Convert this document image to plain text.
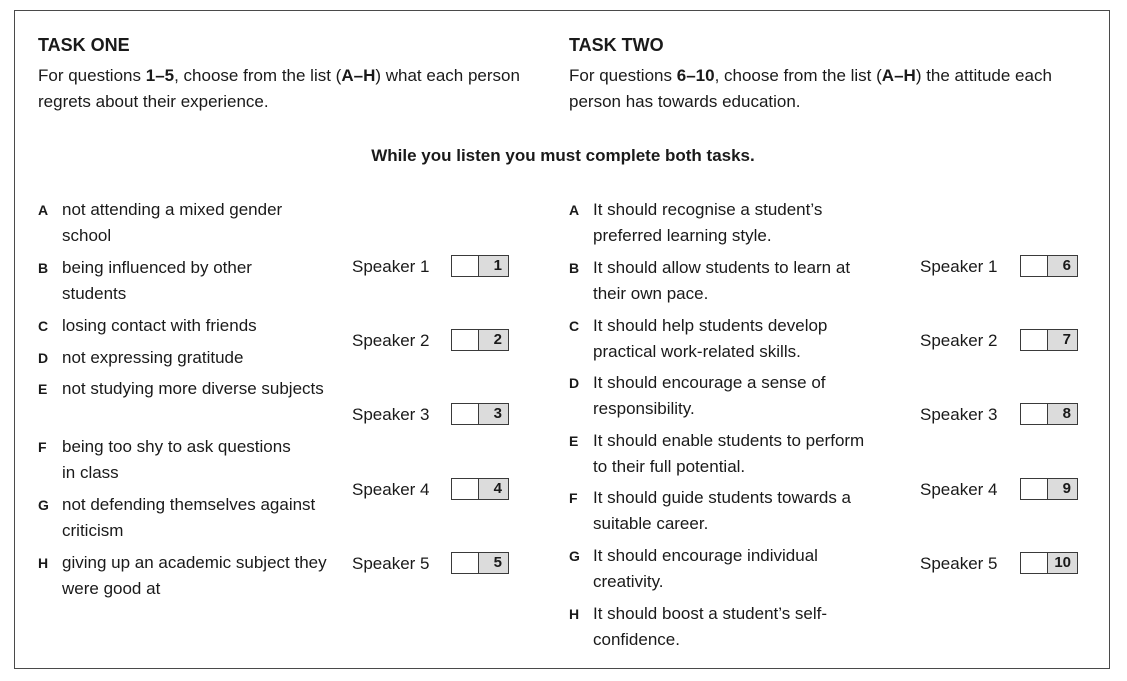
TASK ONE
For questions 1–5, choose from the list (A–H) what each person regrets about their experience.
TASK TWO
For questions 6–10, choose from the list (A–H) the attitude each person has towards education.
While you listen you must complete both tasks.
A not attending a mixed gender school
B being influenced by other students
C losing contact with friends
D not expressing gratitude
E not studying more diverse subjects
F being too shy to ask questions in class
G not defending themselves against criticism
H giving up an academic subject they were good at
Speaker 1	1
Speaker 2	2
Speaker 3	3
Speaker 4	4
Speaker 5	5
A It should recognise a student’s preferred learning style.
B It should allow students to learn at their own pace.
C It should help students develop practical work-related skills.
D It should encourage a sense of responsibility.
E It should enable students to perform to their full potential.
F It should guide students towards a suitable career.
G It should encourage individual creativity.
H It should boost a student’s self-confidence.
Speaker 1	6
Speaker 2	7
Speaker 3	8
Speaker 4	9
Speaker 5	10
